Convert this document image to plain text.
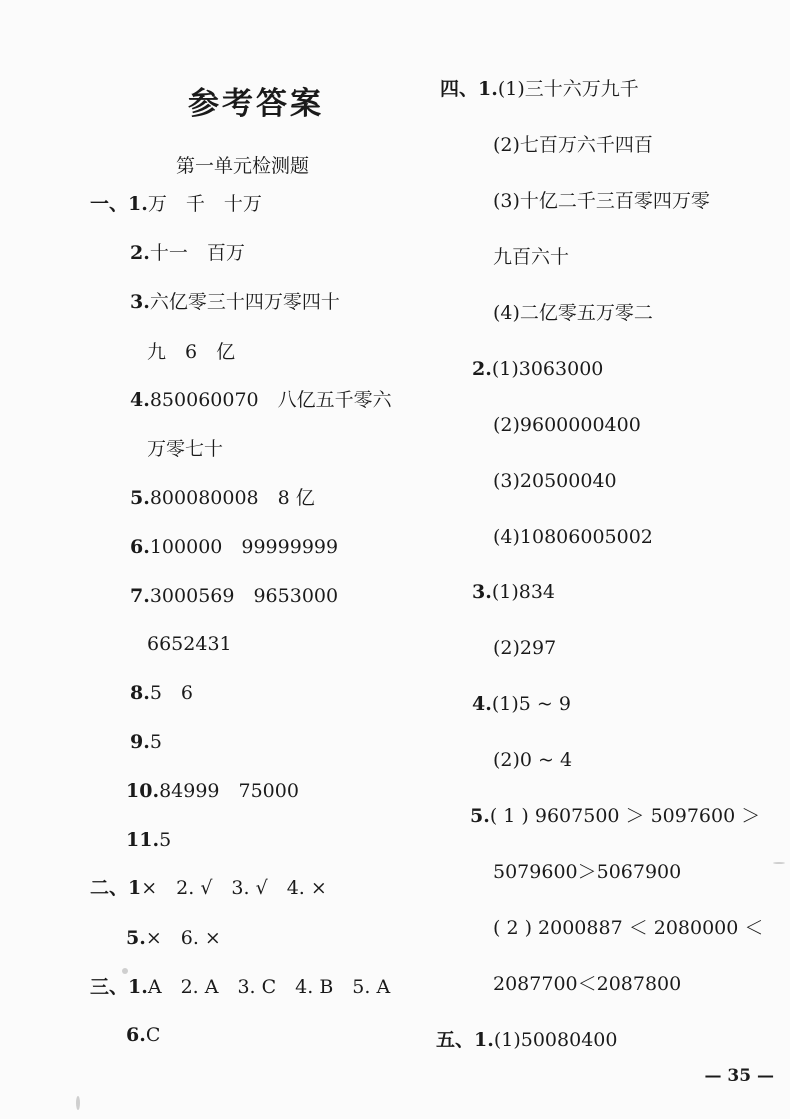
参考答案
第一单元检测题
一、1.万　千　十万
2.十一　百万
3.六亿零三十四万零四十
九　6　亿
4.850060070　八亿五千零六
万零七十
5.800080008　8 亿
6.100000　99999999
7.3000569　9653000
6652431
8.5　6
9.5
10.84999　75000
11.5
二、1×　2. √　3. √　4. ×
5.×　6. ×
三、1.A　2. A　3. C　4. B　5. A
6.C
四、1.(1)三十六万九千
(2)七百万六千四百
(3)十亿二千三百零四万零
九百六十
(4)二亿零五万零二
2.(1)3063000
(2)9600000400
(3)20500040
(4)10806005002
3.(1)834
(2)297
4.(1)5 ~ 9
(2)0 ~ 4
5.( 1 ) 9607500 ＞ 5097600 ＞
5079600＞5067900
( 2 ) 2000887 ＜ 2080000 ＜
2087700＜2087800
五、1.(1)50080400
— 35 —
